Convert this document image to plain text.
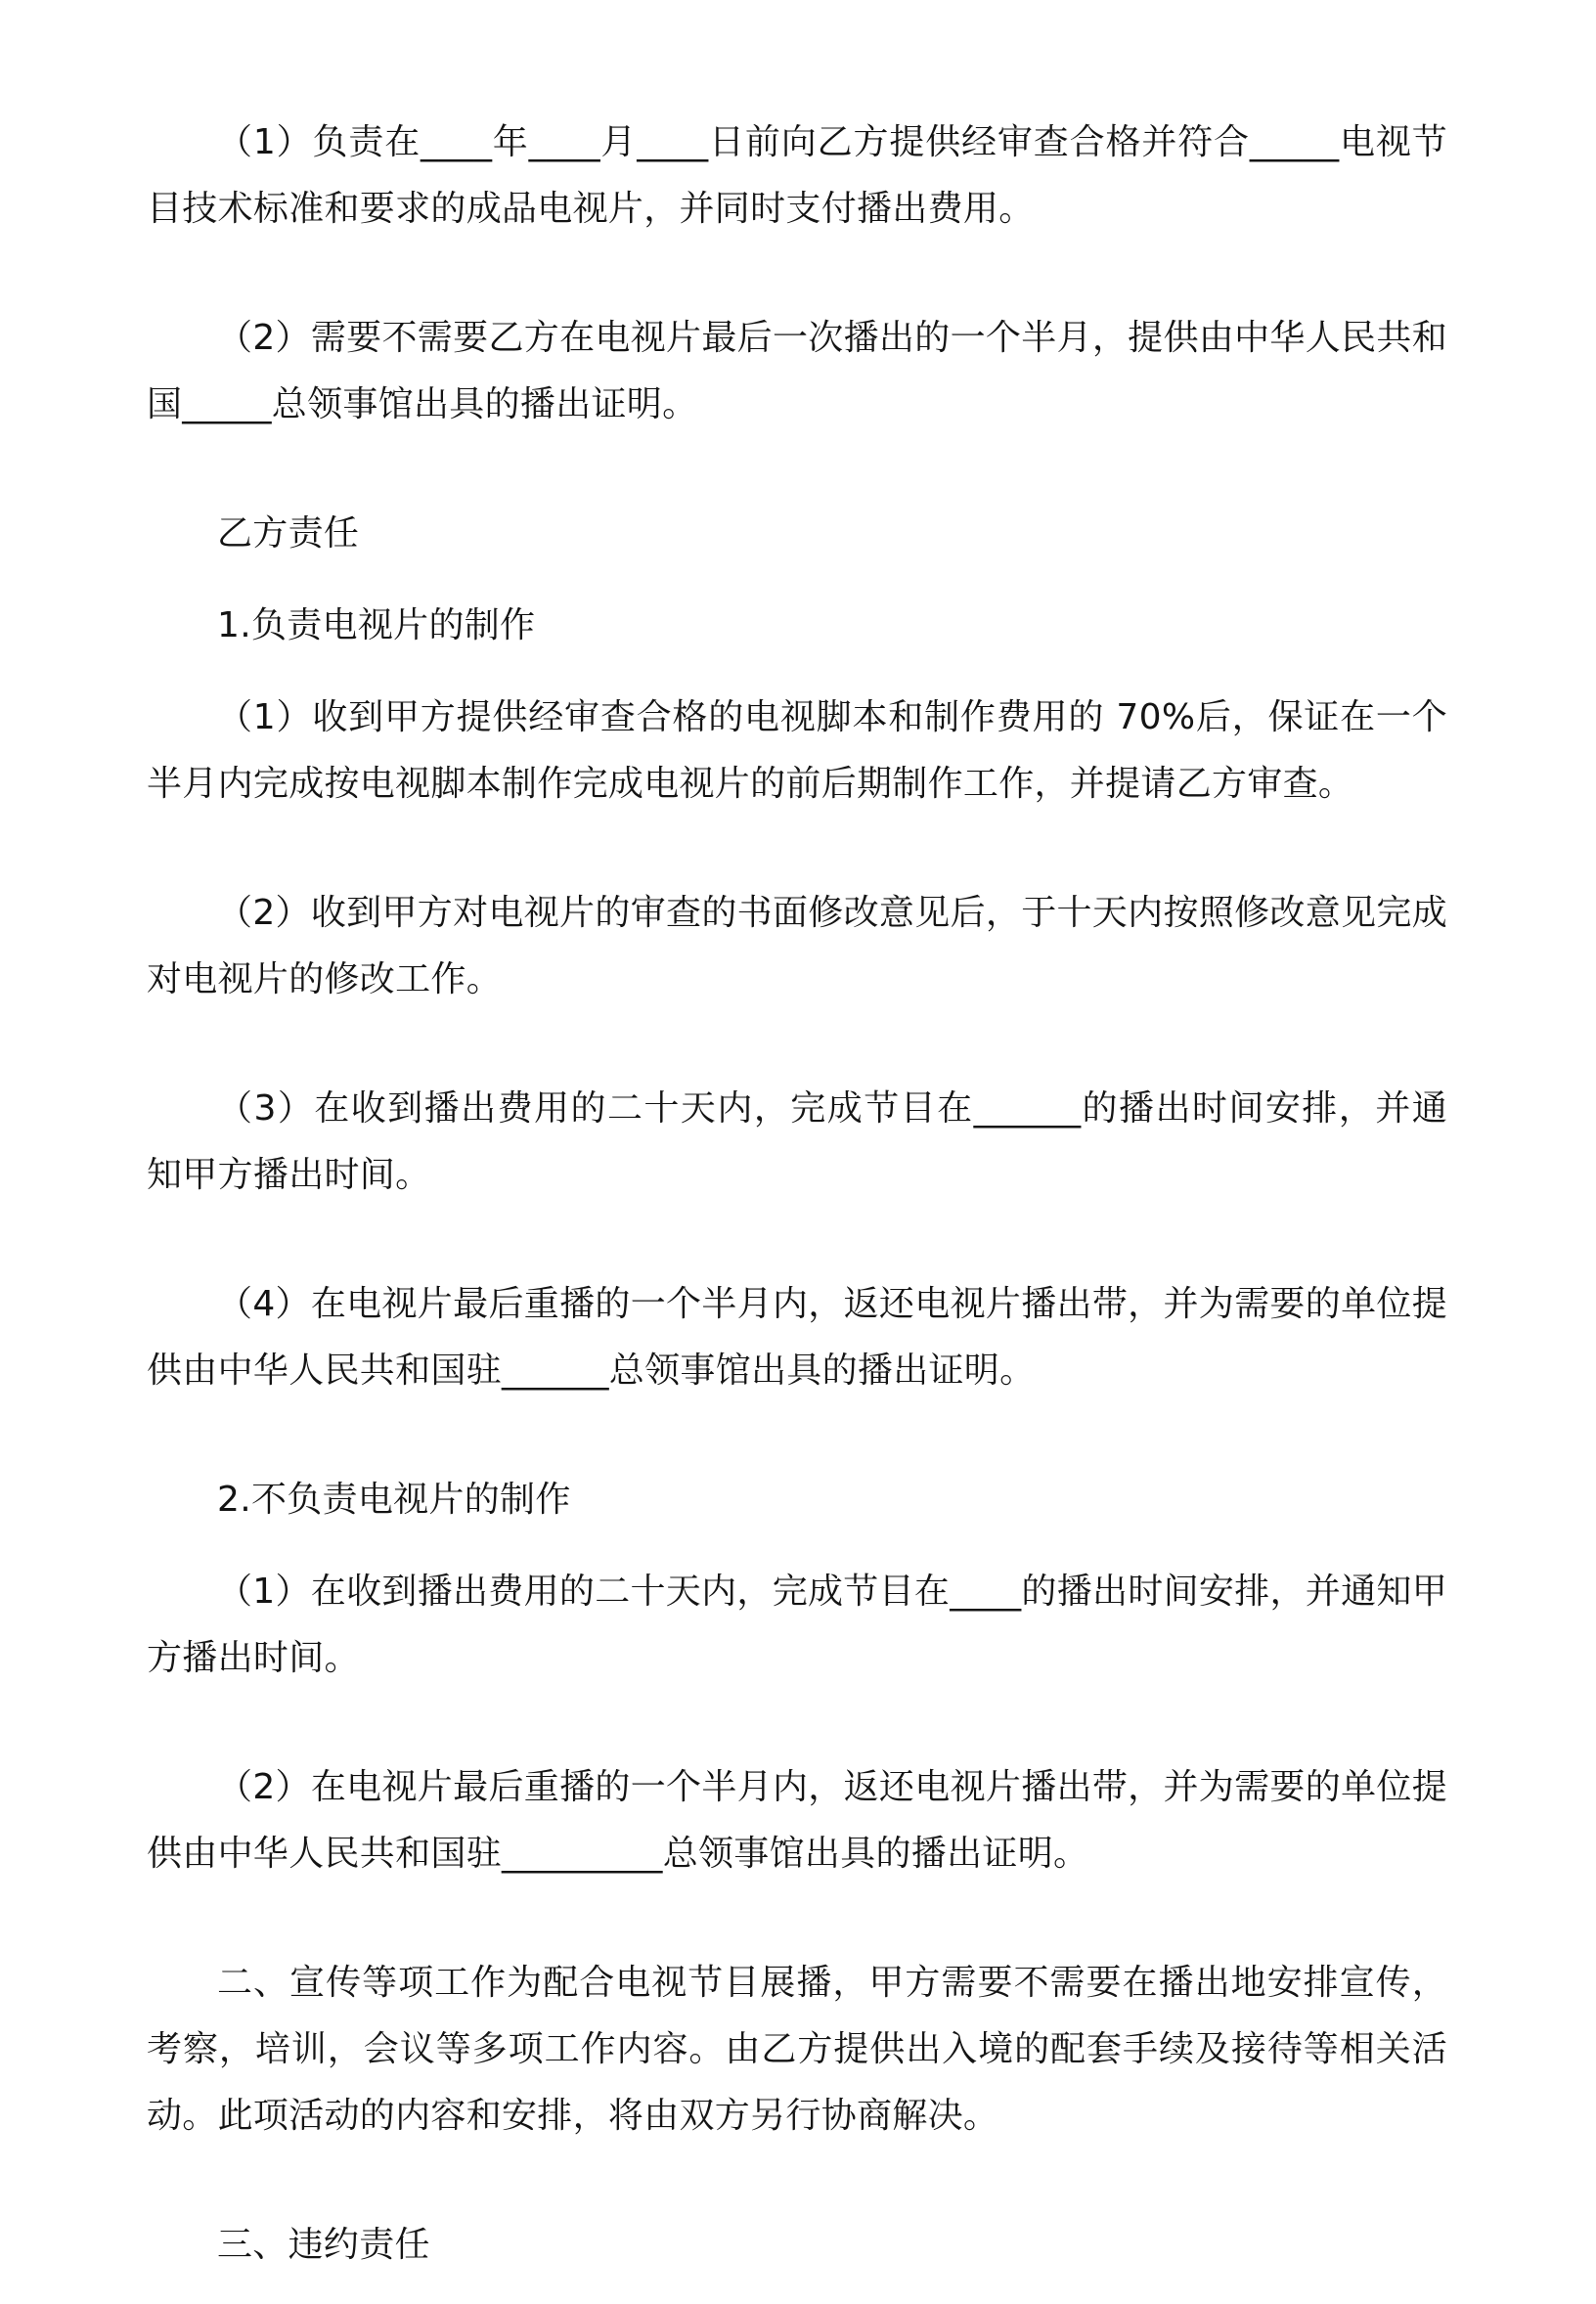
（1）负责在____年____月____日前向乙方提供经审查合格并符合_____电视节目技术标准和要求的成品电视片，并同时支付播出费用。

（2）需要不需要乙方在电视片最后一次播出的一个半月，提供由中华人民共和国_____总领事馆出具的播出证明。

乙方责任

1.负责电视片的制作

（1）收到甲方提供经审查合格的电视脚本和制作费用的 70%后，保证在一个半月内完成按电视脚本制作完成电视片的前后期制作工作，并提请乙方审查。

（2）收到甲方对电视片的审查的书面修改意见后，于十天内按照修改意见完成对电视片的修改工作。

（3）在收到播出费用的二十天内，完成节目在______的播出时间安排，并通知甲方播出时间。

（4）在电视片最后重播的一个半月内，返还电视片播出带，并为需要的单位提供由中华人民共和国驻______总领事馆出具的播出证明。

2.不负责电视片的制作

（1）在收到播出费用的二十天内，完成节目在____的播出时间安排，并通知甲方播出时间。

（2）在电视片最后重播的一个半月内，返还电视片播出带，并为需要的单位提供由中华人民共和国驻_________总领事馆出具的播出证明。

二、宣传等项工作为配合电视节目展播，甲方需要不需要在播出地安排宣传，考察，培训，会议等多项工作内容。由乙方提供出入境的配套手续及接待等相关活动。此项活动的内容和安排，将由双方另行协商解决。

三、违约责任
